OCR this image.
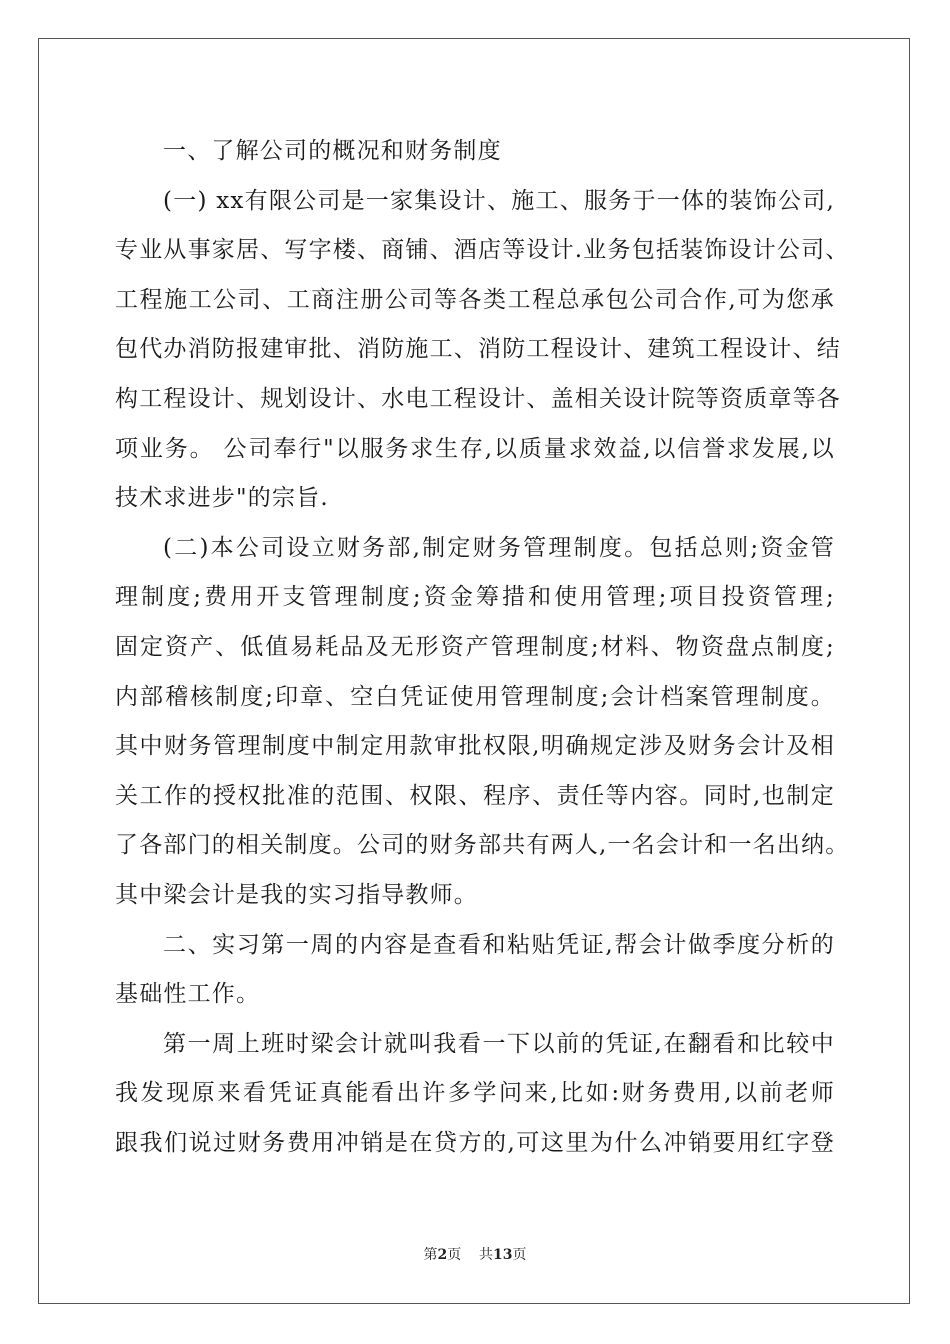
一、了解公司的概况和财务制度
(一) xx有限公司是一家集设计、施工、服务于一体的装饰公司,
专业从事家居、写字楼、商铺、酒店等设计.业务包括装饰设计公司、
工程施工公司、工商注册公司等各类工程总承包公司合作,可为您承
包代办消防报建审批、消防施工、消防工程设计、建筑工程设计、结
构工程设计、规划设计、水电工程设计、盖相关设计院等资质章等各
项业务。 公司奉行"以服务求生存,以质量求效益,以信誉求发展,以
技术求进步"的宗旨.
(二)本公司设立财务部,制定财务管理制度。包括总则;资金管
理制度;费用开支管理制度;资金筹措和使用管理;项目投资管理;
固定资产、低值易耗品及无形资产管理制度;材料、物资盘点制度;
内部稽核制度;印章、空白凭证使用管理制度;会计档案管理制度。
其中财务管理制度中制定用款审批权限,明确规定涉及财务会计及相
关工作的授权批准的范围、权限、程序、责任等内容。同时,也制定
了各部门的相关制度。公司的财务部共有两人,一名会计和一名出纳。
其中梁会计是我的实习指导教师。
二、实习第一周的内容是查看和粘贴凭证,帮会计做季度分析的
基础性工作。
第一周上班时梁会计就叫我看一下以前的凭证,在翻看和比较中
我发现原来看凭证真能看出许多学问来,比如:财务费用,以前老师
跟我们说过财务费用冲销是在贷方的,可这里为什么冲销要用红字登
第2页 共13页
